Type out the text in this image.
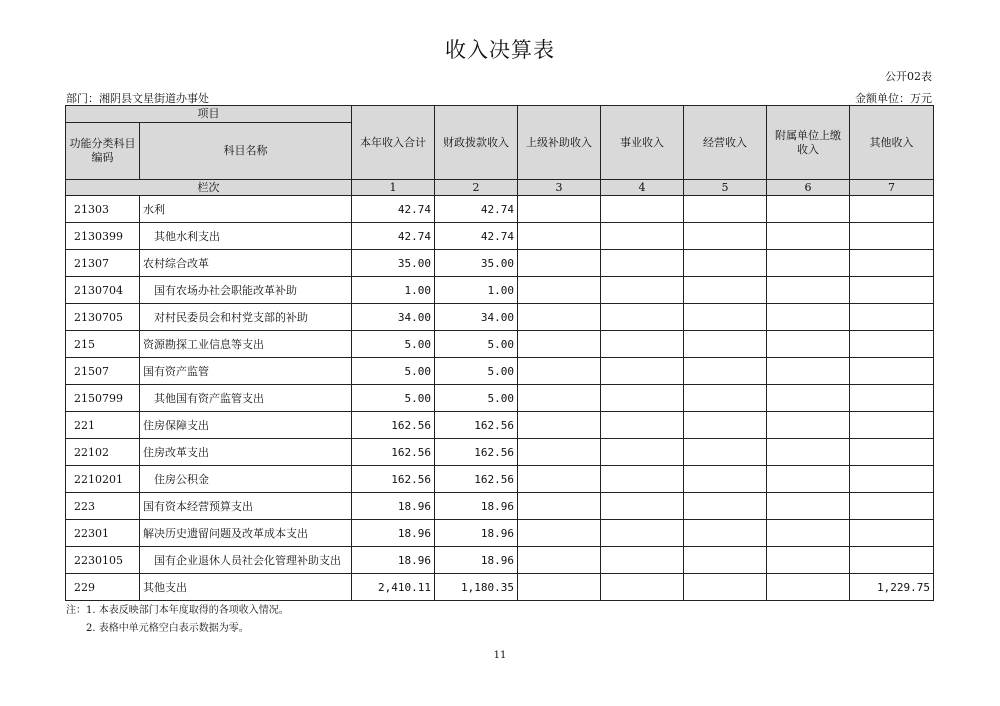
收入决算表
公开02表
部门：湘阴县文星街道办事处	金额单位：万元
项目		本年收入合计	财政拨款收入	上级补助收入	事业收入	经营收入	附属单位上缴收入	其他收入
功能分类科目编码	科目名称							
栏次		1	2	3	4	5	6	7
21303	水利	42.74	42.74					
2130399	其他水利支出	42.74	42.74					
21307	农村综合改革	35.00	35.00					
2130704	国有农场办社会职能改革补助	1.00	1.00					
2130705	对村民委员会和村党支部的补助	34.00	34.00					
215	资源勘探工业信息等支出	5.00	5.00					
21507	国有资产监管	5.00	5.00					
2150799	其他国有资产监管支出	5.00	5.00					
221	住房保障支出	162.56	162.56					
22102	住房改革支出	162.56	162.56					
2210201	住房公积金	162.56	162.56					
223	国有资本经营预算支出	18.96	18.96					
22301	解决历史遗留问题及改革成本支出	18.96	18.96					
2230105	国有企业退休人员社会化管理补助支出	18.96	18.96					
229	其他支出	2,410.11	1,180.35					1,229.75
注：1. 本表反映部门本年度取得的各项收入情况。
2. 表格中单元格空白表示数据为零。
11
